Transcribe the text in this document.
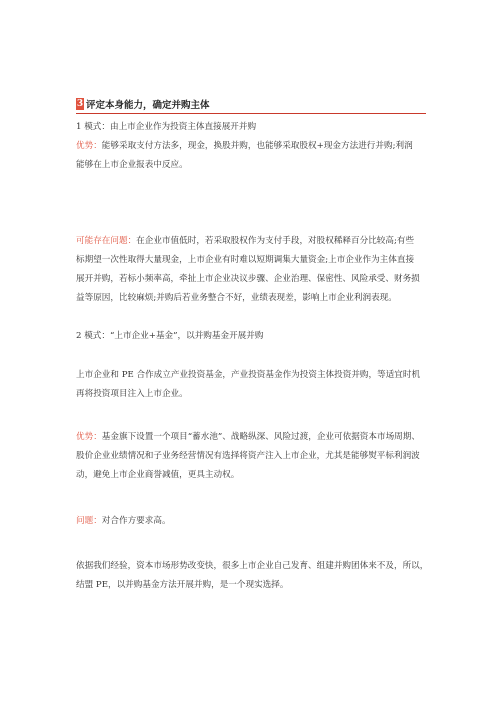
3 评定本身能力，确定并购主体
1 模式：由上市企业作为投资主体直接展开并购
优势：能够采取支付方法多，现金，换股并购，也能够采取股权+现金方法进行并购;利润
能够在上市企业报表中反应。
可能存在问题：在企业市值低时，若采取股权作为支付手段，对股权稀释百分比较高;有些
标期望一次性取得大量现金，上市企业有时难以短期调集大量资金;上市企业作为主体直接
展开并购，若标小频率高，牵扯上市企业决议步骤、企业治理、保密性、风险承受、财务损
益等原因，比较麻烦;并购后若业务整合不好，业绩表现差，影响上市企业利润表现。
2 模式：“上市企业+基金”，以并购基金开展并购
上市企业和 PE 合作成立产业投资基金，产业投资基金作为投资主体投资并购，等适宜时机
再将投资项目注入上市企业。
优势：基金旗下设置一个项目“蓄水池”、战略纵深、风险过渡，企业可依据资本市场周期、
股价企业业绩情况和子业务经营情况有选择将资产注入上市企业，尤其是能够熨平标利润波
动，避免上市企业商誉减值，更具主动权。
问题：对合作方要求高。
依据我们经验，资本市场形势改变快，很多上市企业自己发育、组建并购团体来不及，所以，
结盟 PE，以并购基金方法开展并购，是一个现实选择。
